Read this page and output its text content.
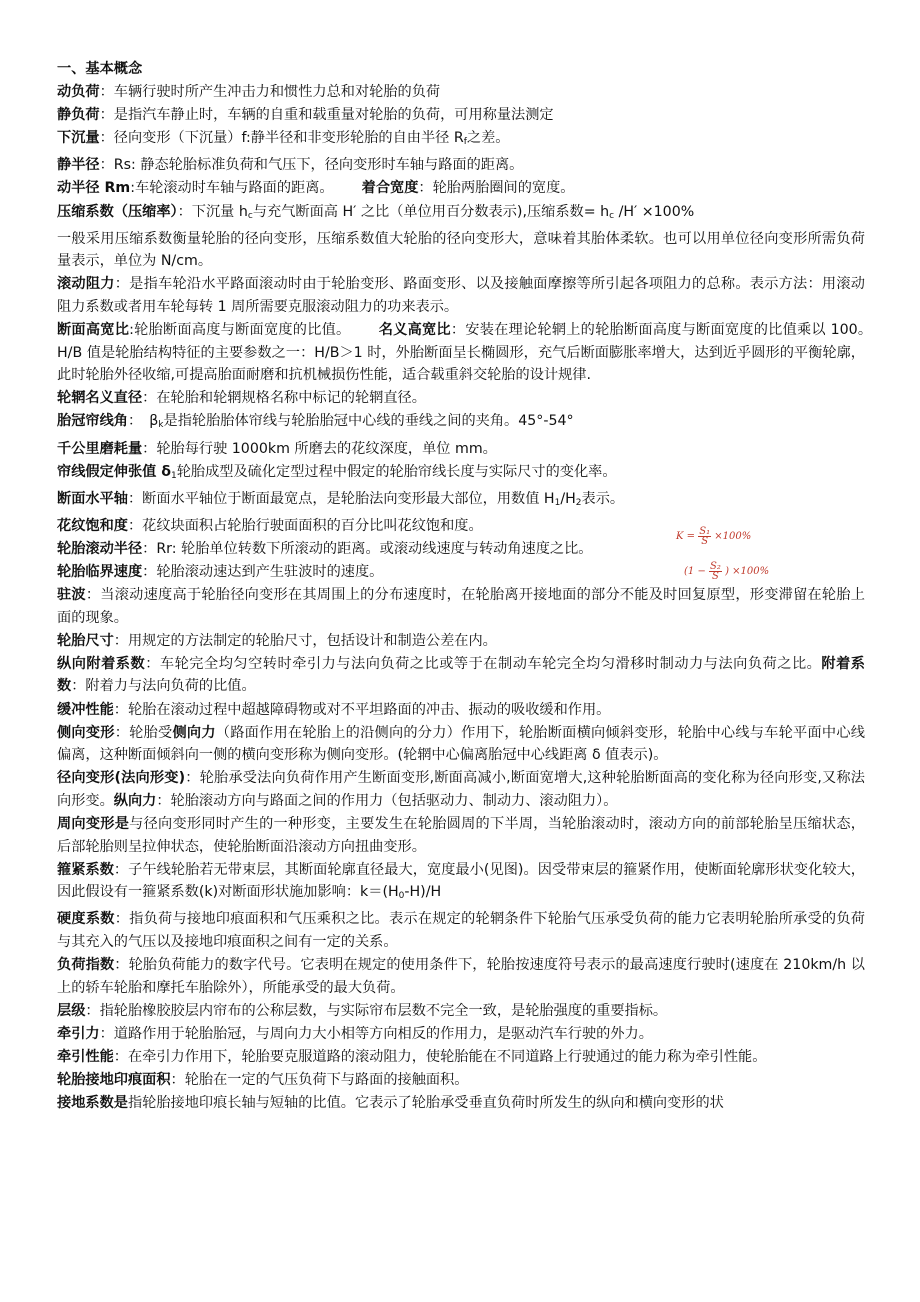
一、基本概念
动负荷：车辆行驶时所产生冲击力和惯性力总和对轮胎的负荷
静负荷：是指汽车静止时，车辆的自重和载重量对轮胎的负荷，可用称量法测定
下沉量：径向变形（下沉量）f:静半径和非变形轮胎的自由半径 $R_f$之差。
静半径：Rs: 静态轮胎标准负荷和气压下，径向变形时车轴与路面的距离。
动半径 Rm:车轮滚动时车轴与路面的距离。 着合宽度：轮胎两胎圈间的宽度。
压缩系数（压缩率）：下沉量 $h_c$与充气断面高 H′ 之比（单位用百分数表示),压缩系数= $h_c$ /H′ ×100%
一般采用压缩系数衡量轮胎的径向变形，压缩系数值大轮胎的径向变形大，意味着其胎体柔软。也可以用单位径向变形所需负荷量表示，单位为 N/cm。
滚动阻力：是指车轮沿水平路面滚动时由于轮胎变形、路面变形、以及接触面摩擦等所引起各项阻力的总称。表示方法：用滚动阻力系数或者用车轮每转 1 周所需要克服滚动阻力的功来表示。
断面高宽比:轮胎断面高度与断面宽度的比值。 名义高宽比：安装在理论轮辋上的轮胎断面高度与断面宽度的比值乘以 100。　H/B 值是轮胎结构特征的主要参数之一：H/B＞1 时，外胎断面呈长椭圆形，充气后断面膨胀率增大，达到近乎圆形的平衡轮廓，此时轮胎外径收缩,可提高胎面耐磨和抗机械损伤性能，适合载重斜交轮胎的设计规律.
轮辋名义直径：在轮胎和轮辋规格名称中标记的轮辋直径。
胎冠帘线角：　$\beta_k$是指轮胎胎体帘线与轮胎胎冠中心线的垂线之间的夹角。45°-54°
千公里磨耗量：轮胎每行驶 1000km 所磨去的花纹深度，单位 mm。
帘线假定伸张值 $\delta_1$轮胎成型及硫化定型过程中假定的轮胎帘线长度与实际尺寸的变化率。
断面水平轴：断面水平轴位于断面最宽点，是轮胎法向变形最大部位，用数值 $H_1/H_2$表示。
花纹饱和度：花纹块面积占轮胎行驶面面积的百分比叫花纹饱和度。
轮胎滚动半径：Rr: 轮胎单位转数下所滚动的距离。或滚动线速度与转动角速度之比。
轮胎临界速度：轮胎滚动速达到产生驻波时的速度。
驻波：当滚动速度高于轮胎径向变形在其周围上的分布速度时，在轮胎离开接地面的部分不能及时回复原型，形变滞留在轮胎上面的现象。
轮胎尺寸：用规定的方法制定的轮胎尺寸，包括设计和制造公差在内。
纵向附着系数：车轮完全均匀空转时牵引力与法向负荷之比或等于在制动车轮完全均匀滑移时制动力与法向负荷之比。附着系数：附着力与法向负荷的比值。
缓冲性能：轮胎在滚动过程中超越障碍物或对不平坦路面的冲击、振动的吸收缓和作用。
侧向变形：轮胎受侧向力（路面作用在轮胎上的沿侧向的分力）作用下，轮胎断面横向倾斜变形，轮胎中心线与车轮平面中心线偏离，这种断面倾斜向一侧的横向变形称为侧向变形。(轮辋中心偏离胎冠中心线距离 δ 值表示)。
径向变形(法向形变)：轮胎承受法向负荷作用产生断面变形,断面高减小,断面宽增大,这种轮胎断面高的变化称为径向形变,又称法向形变。纵向力：轮胎滚动方向与路面之间的作用力（包括驱动力、制动力、滚动阻力）。
周向变形是与径向变形同时产生的一种形变，主要发生在轮胎圆周的下半周，当轮胎滚动时，滚动方向的前部轮胎呈压缩状态，后部轮胎则呈拉伸状态，使轮胎断面沿滚动方向扭曲变形。
箍紧系数：子午线轮胎若无带束层，其断面轮廓直径最大，宽度最小(见图)。因受带束层的箍紧作用，使断面轮廓形状变化较大，因此假设有一箍紧系数(k)对断面形状施加影响：$k=(H_0-H)/H$
硬度系数：指负荷与接地印痕面积和气压乘积之比。表示在规定的轮辋条件下轮胎气压承受负荷的能力它表明轮胎所承受的负荷与其充入的气压以及接地印痕面积之间有一定的关系。
负荷指数：轮胎负荷能力的数字代号。它表明在规定的使用条件下，轮胎按速度符号表示的最高速度行驶时(速度在 210km/h 以上的轿车轮胎和摩托车胎除外），所能承受的最大负荷。
层级：指轮胎橡胶胶层内帘布的公称层数，与实际帘布层数不完全一致，是轮胎强度的重要指标。
牵引力：道路作用于轮胎胎冠，与周向力大小相等方向相反的作用力，是驱动汽车行驶的外力。
牵引性能：在牵引力作用下，轮胎要克服道路的滚动阻力，使轮胎能在不同道路上行驶通过的能力称为牵引性能。
轮胎接地印痕面积：轮胎在一定的气压负荷下与路面的接触面积。
接地系数是指轮胎接地印痕长轴与短轴的比值。它表示了轮胎承受垂直负荷时所发生的纵向和横向变形的状
$K = \frac{\text{S₁}}{S} \times 100\%$
($1 - \frac{\text{S₂}}{S}$ ) ×100%
